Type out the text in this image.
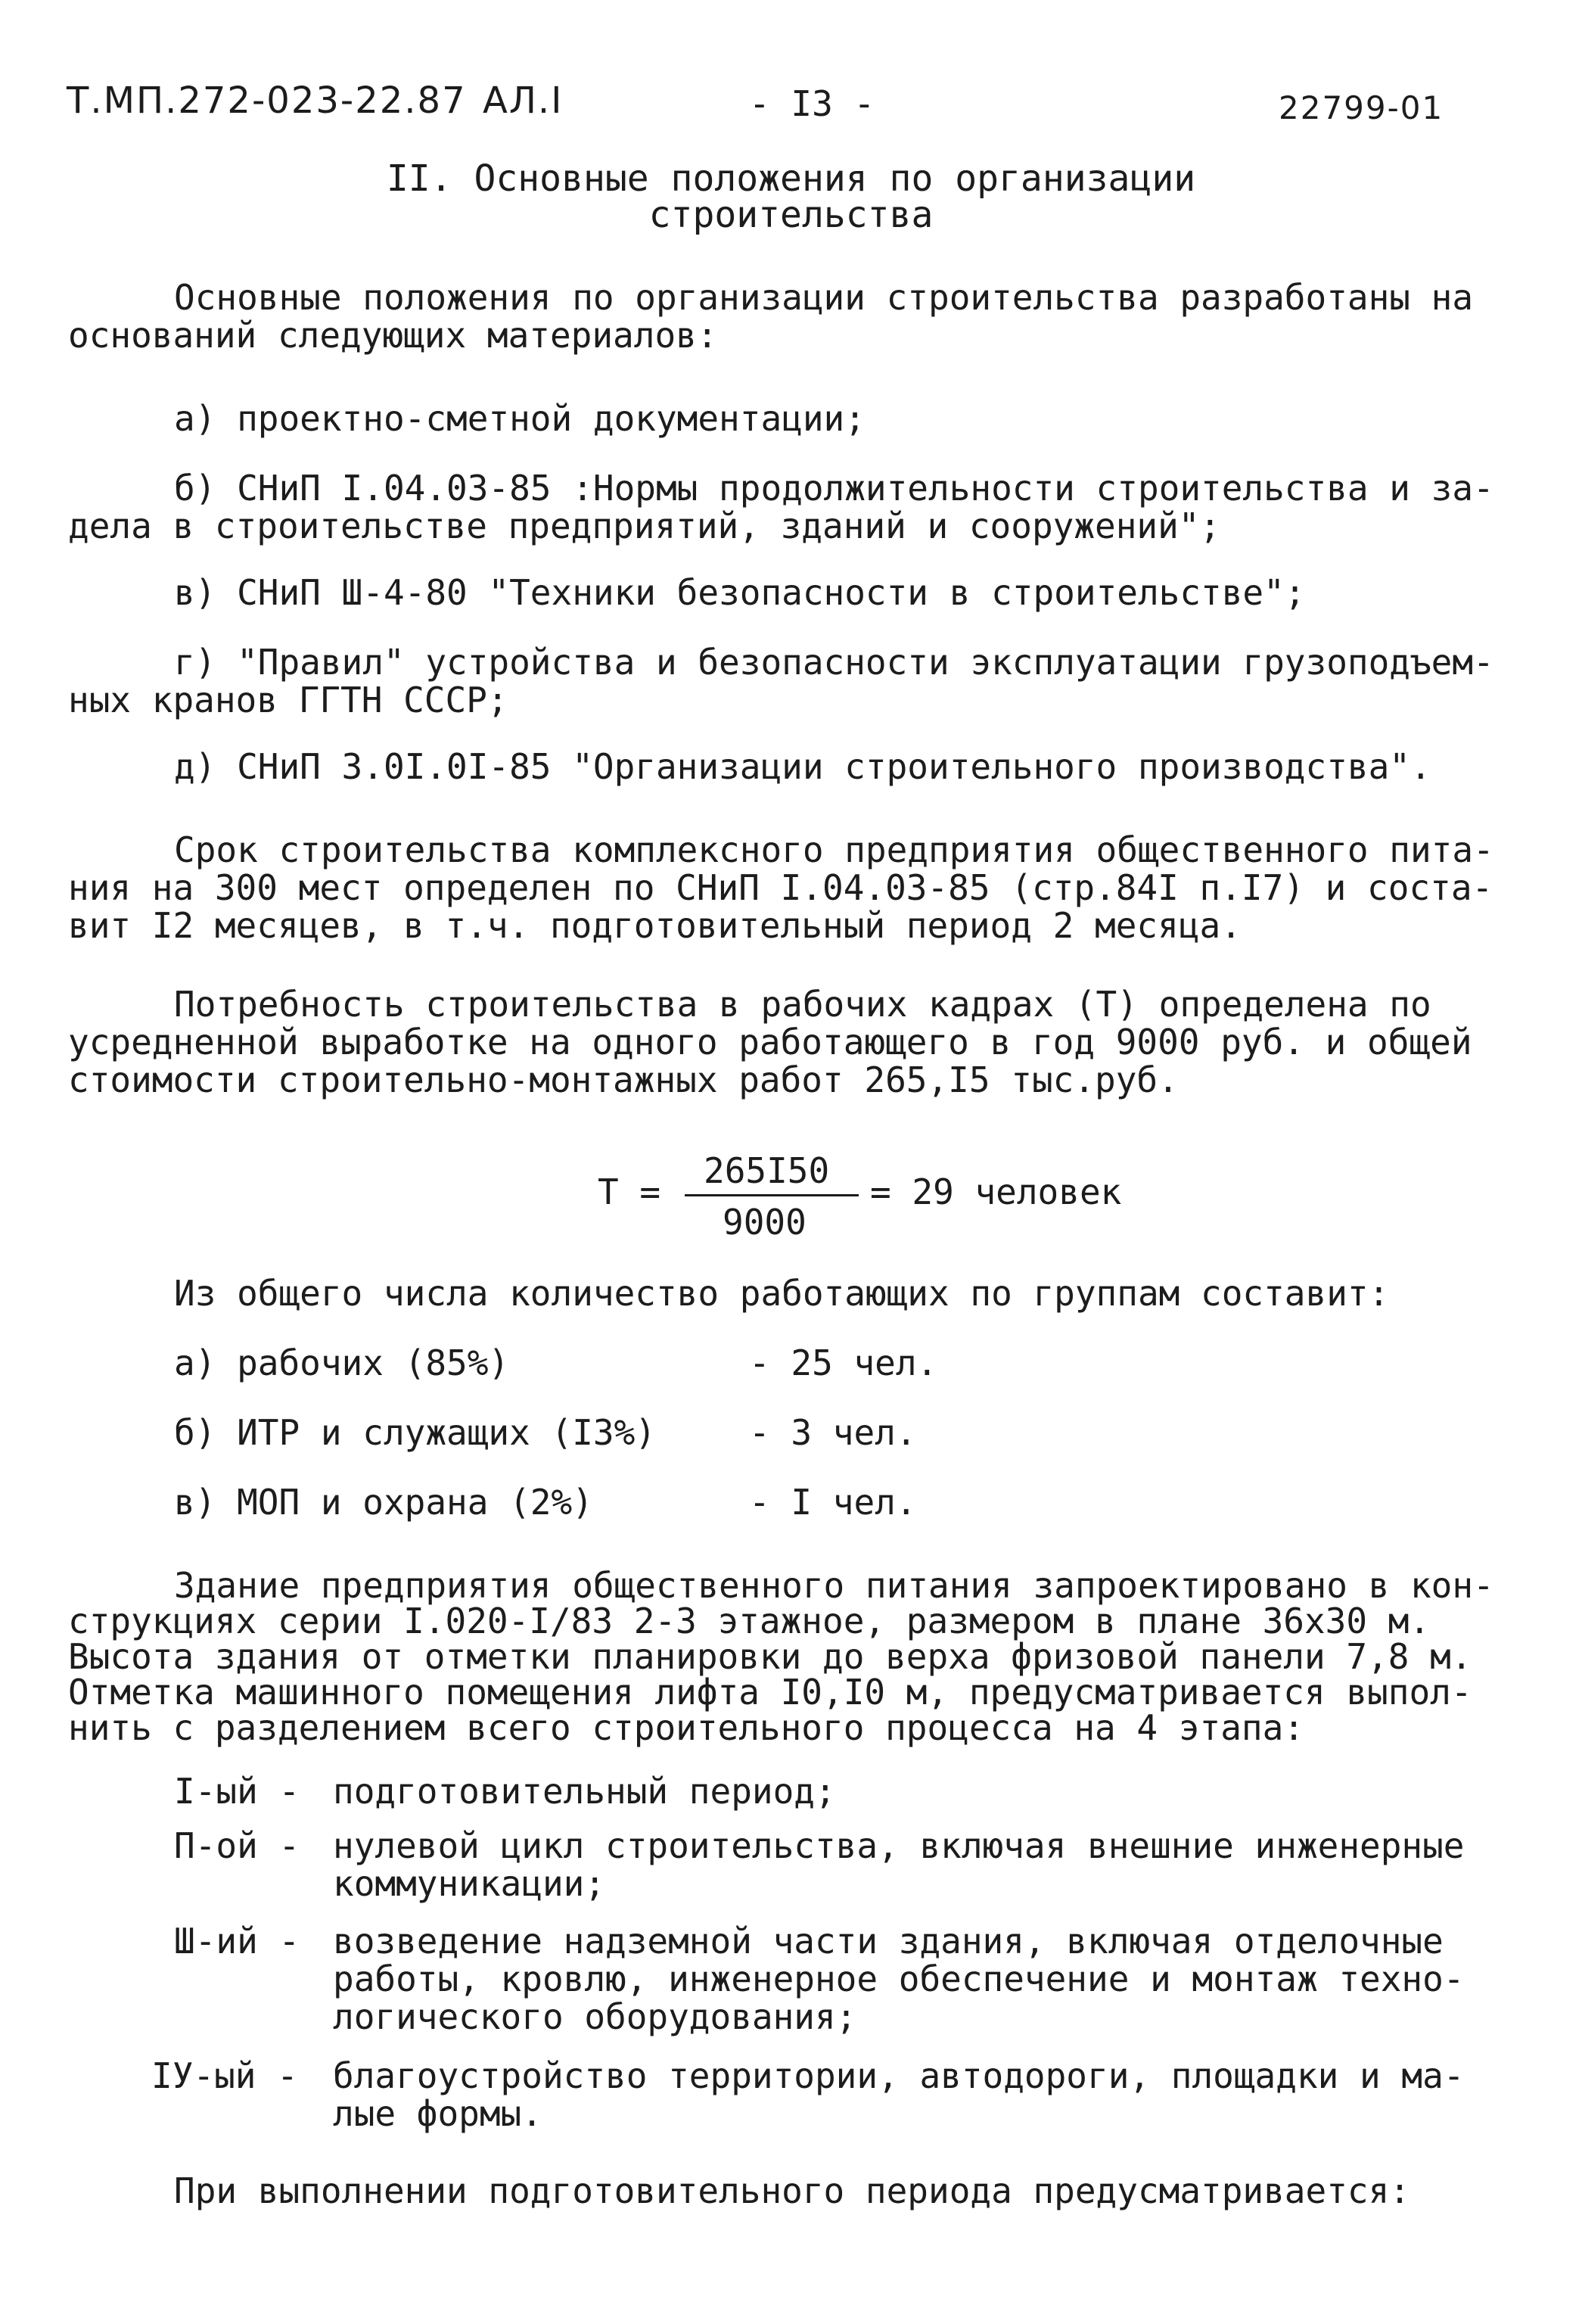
Т.МП.272-023-22.87 АЛ.I	- I3 -	22799-01
II. Основные положения по организации
строительства
Основные положения по организации строительства разработаны на
оснований следующих материалов:
а) проектно-сметной документации;
б) СНиП I.04.03-85 :Нормы продолжительности строительства и за-
дела в строительстве предприятий, зданий и сооружений";
в) СНиП Ш-4-80 "Техники безопасности в строительстве";
г) "Правил" устройства и безопасности эксплуатации грузоподъем-
ных кранов ГГТН СССР;
д) СНиП 3.0I.0I-85 "Организации строительного производства".
Срок строительства комплексного предприятия общественного пита-
ния на 300 мест определен по СНиП I.04.03-85 (стр.84I п.I7) и соста-
вит I2 месяцев, в т.ч. подготовительный период 2 месяца.
Потребность строительства в рабочих кадрах (Т) определена по
усредненной выработке на одного работающего в год 9000 руб. и общей
стоимости строительно-монтажных работ 265,I5 тыс.руб.
Т =
265I50
9000
= 29 человек
Из общего числа количество работающих по группам составит:
а) рабочих (85%)	- 25 чел.
б) ИТР и служащих (I3%)	- 3 чел.
в) МОП и охрана (2%)	- I чел.
Здание предприятия общественного питания запроектировано в кон-
струкциях серии I.020-I/83 2-3 этажное, размером в плане 36х30 м.
Высота здания от отметки планировки до верха фризовой панели 7,8 м.
Отметка машинного помещения лифта I0,I0 м, предусматривается выпол-
нить с разделением всего строительного процесса на 4 этапа:
I-ый - подготовительный период;
П-ой - нулевой цикл строительства, включая внешние инженерные
коммуникации;
Ш-ий - возведение надземной части здания, включая отделочные
работы, кровлю, инженерное обеспечение и монтаж техно-
логического оборудования;
IУ-ый - благоустройство территории, автодороги, площадки и ма-
лые формы.
При выполнении подготовительного периода предусматривается:
